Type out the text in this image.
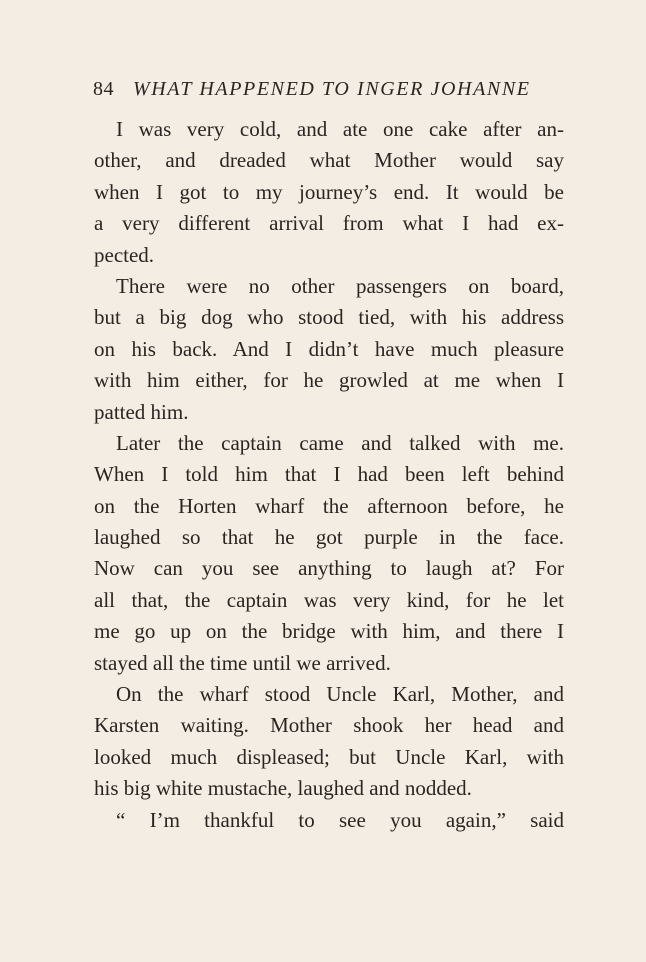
84 WHAT HAPPENED TO INGER JOHANNE
I was very cold, and ate one cake after an-
other, and dreaded what Mother would say
when I got to my journey’s end. It would be
a very different arrival from what I had ex-
pected.
There were no other passengers on board,
but a big dog who stood tied, with his address
on his back. And I didn’t have much pleasure
with him either, for he growled at me when I
patted him.
Later the captain came and talked with me.
When I told him that I had been left behind
on the Horten wharf the afternoon before, he
laughed so that he got purple in the face.
Now can you see anything to laugh at? For
all that, the captain was very kind, for he let
me go up on the bridge with him, and there I
stayed all the time until we arrived.
On the wharf stood Uncle Karl, Mother, and
Karsten waiting. Mother shook her head and
looked much displeased; but Uncle Karl, with
his big white mustache, laughed and nodded.
“ I’m thankful to see you again,” said
